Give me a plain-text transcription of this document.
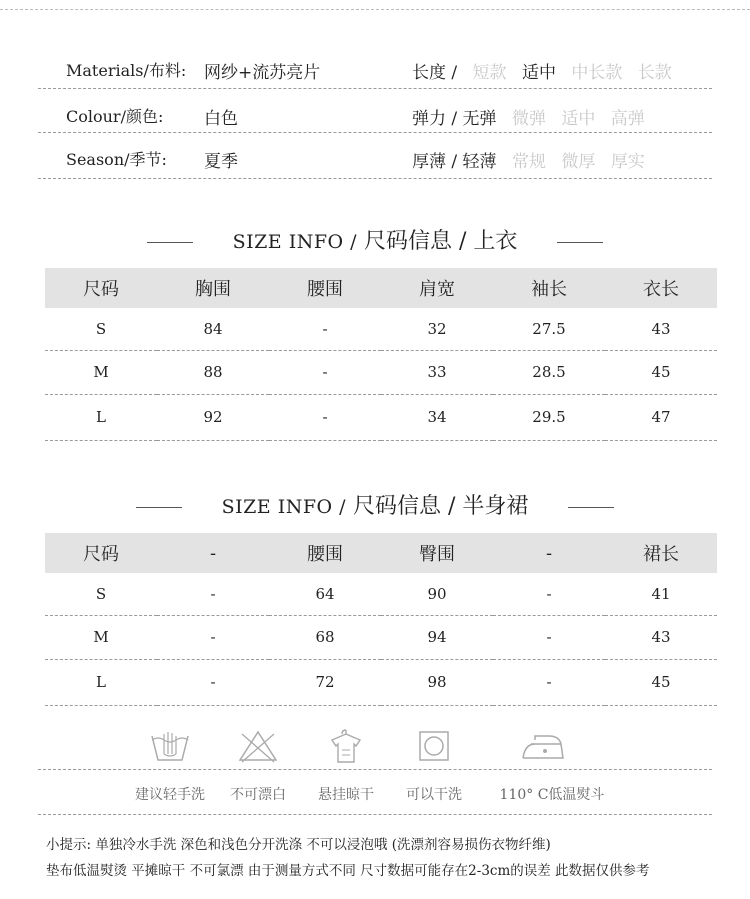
Materials/布料: 网纱+流苏亮片	长度 / 短款 适中 中长款 长款
Colour/颜色: 白色	弹力 / 无弹 微弹 适中 高弹
Season/季节: 夏季	厚薄 / 轻薄 常规 微厚 厚实
SIZE INFO / 尺码信息 / 上衣
尺码	胸围	腰围	肩宽	袖长	衣长
S	84	-	32	27.5	43
M	88	-	33	28.5	45
L	92	-	34	29.5	47
SIZE INFO / 尺码信息 / 半身裙
尺码	-	腰围	臀围	-	裙长
S	-	64	90	-	41
M	-	68	94	-	43
L	-	72	98	-	45
建议轻手洗	不可漂白	悬挂晾干	可以干洗	110° C低温熨斗
小提示: 单独冷水手洗 深色和浅色分开洗涤 不可以浸泡哦 (洗漂剂容易损伤衣物纤维)
垫布低温熨烫 平摊晾干 不可氯漂 由于测量方式不同 尺寸数据可能存在2-3cm的误差 此数据仅供参考
